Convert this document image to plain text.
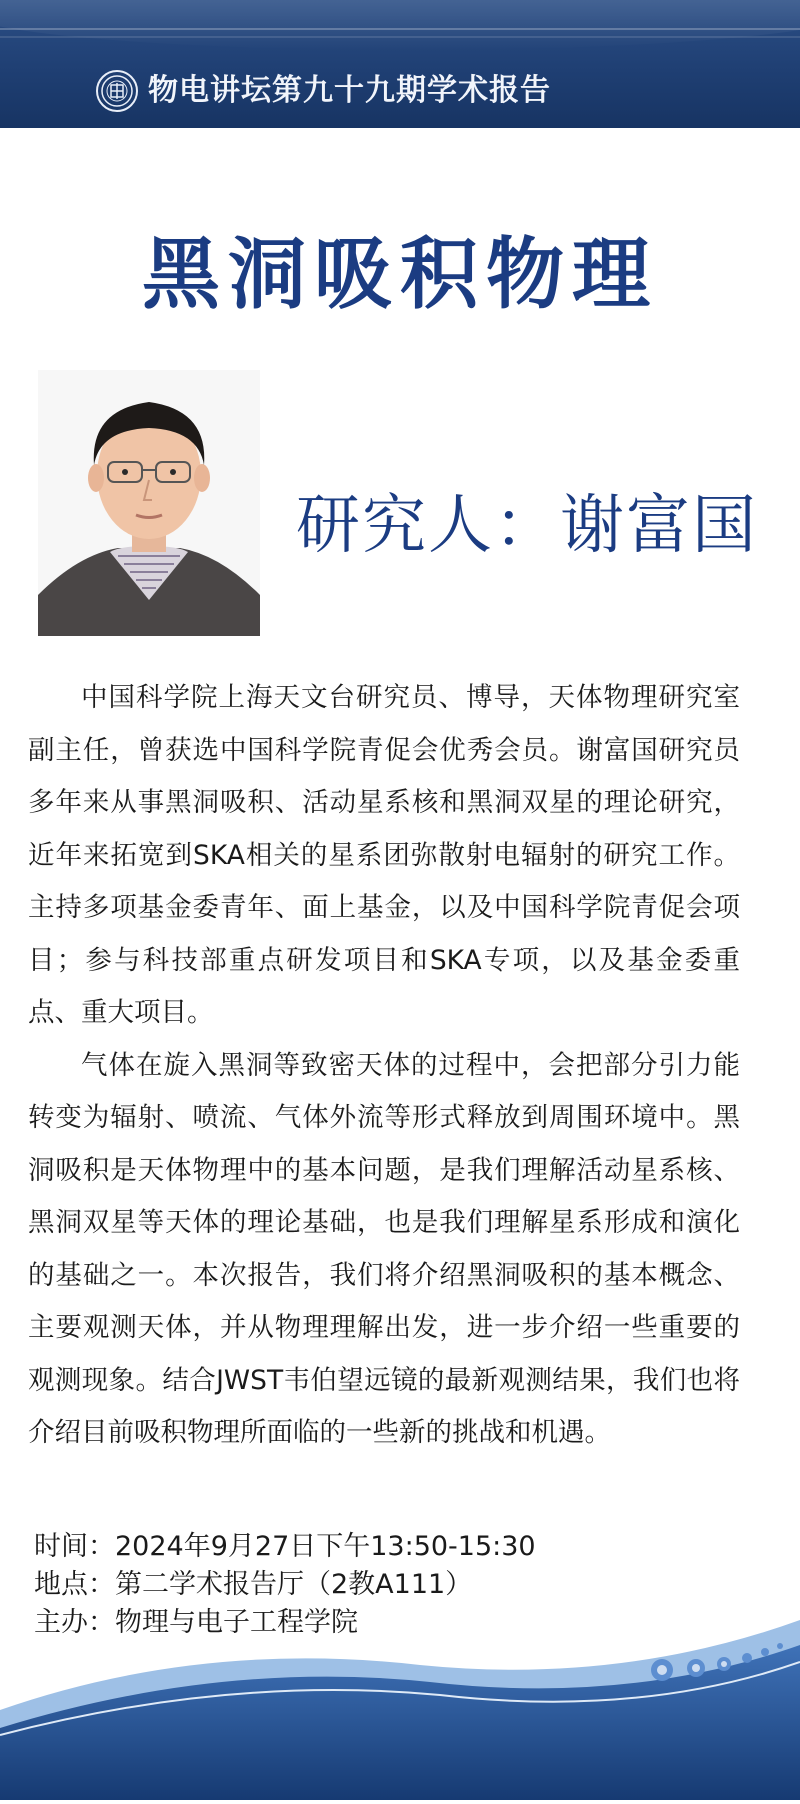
物电讲坛第九十九期学术报告
黑洞吸积物理
研究人：谢富国

中国科学院上海天文台研究员、博导，天体物理研究室副主任，曾获选中国科学院青促会优秀会员。谢富国研究员多年来从事黑洞吸积、活动星系核和黑洞双星的理论研究，近年来拓宽到SKA相关的星系团弥散射电辐射的研究工作。主持多项基金委青年、面上基金，以及中国科学院青促会项目；参与科技部重点研发项目和SKA专项，以及基金委重点、重大项目。

气体在旋入黑洞等致密天体的过程中，会把部分引力能转变为辐射、喷流、气体外流等形式释放到周围环境中。黑洞吸积是天体物理中的基本问题，是我们理解活动星系核、黑洞双星等天体的理论基础，也是我们理解星系形成和演化的基础之一。本次报告，我们将介绍黑洞吸积的基本概念、主要观测天体，并从物理理解出发，进一步介绍一些重要的观测现象。结合JWST韦伯望远镜的最新观测结果，我们也将介绍目前吸积物理所面临的一些新的挑战和机遇。

时间：2024年9月27日下午13:50-15:30
地点：第二学术报告厅（2教A111）
主办：物理与电子工程学院
